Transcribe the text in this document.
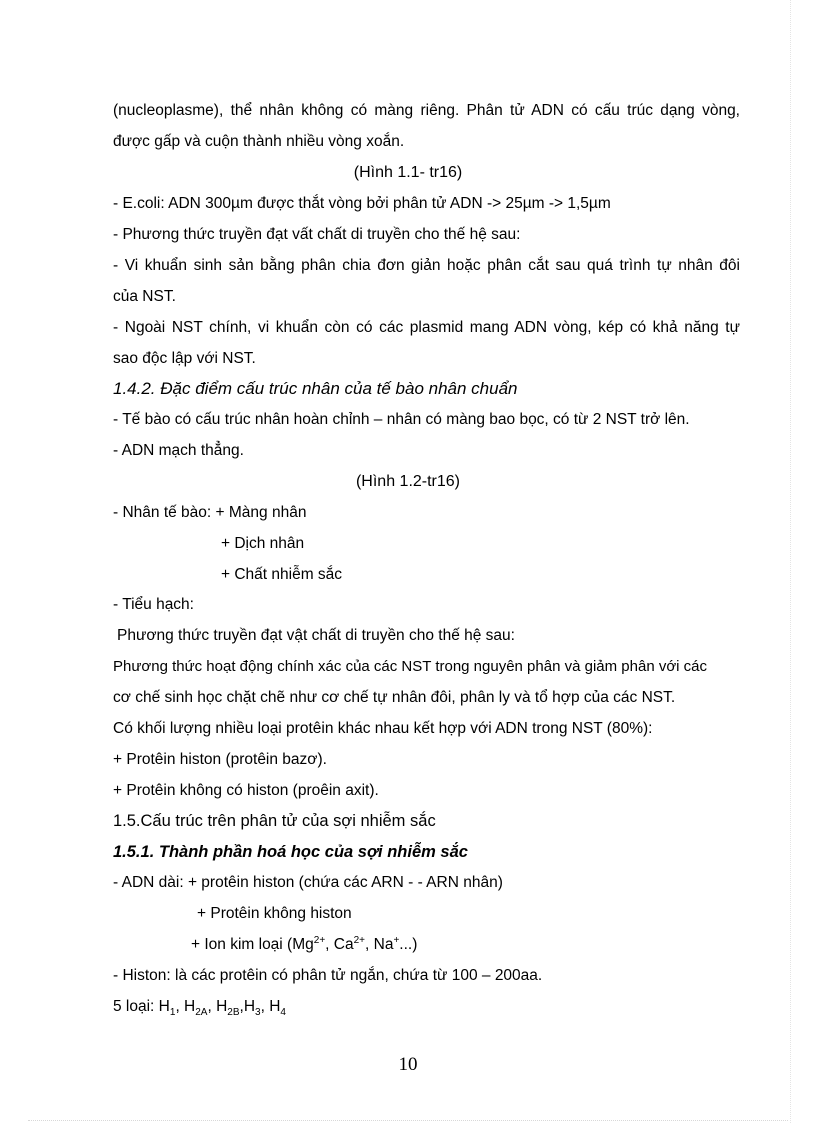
(nucleoplasme), thể nhân không có màng riêng. Phân tử ADN có cấu trúc dạng vòng,
được gấp và cuộn thành nhiều vòng xoắn.
(Hình 1.1- tr16)
- E.coli: ADN 300µm được thắt vòng bởi phân tử ADN -> 25µm -> 1,5µm
- Phương thức truyền đạt vất chất di truyền cho thế hệ sau:
- Vi khuẩn sinh sản bằng phân chia đơn giản hoặc phân cắt sau quá trình tự nhân đôi
của NST.
- Ngoài NST chính, vi khuẩn còn có các plasmid mang ADN vòng, kép có khả năng tự
sao độc lập với NST.
1.4.2. Đặc điểm cấu trúc nhân của tế bào nhân chuẩn
- Tế bào có cấu trúc nhân hoàn chỉnh – nhân có màng bao bọc, có từ 2 NST trở lên.
- ADN mạch thẳng.
(Hình 1.2-tr16)
- Nhân tế bào: + Màng nhân
+ Dịch nhân
+ Chất nhiễm sắc
- Tiểu hạch:
Phương thức truyền đạt vật chất di truyền cho thế hệ sau:
Phương thức hoạt động chính xác của các NST trong nguyên phân và giảm phân với các
cơ chế sinh học chặt chẽ như cơ chế tự nhân đôi, phân ly và tổ hợp của các NST.
Có khối lượng nhiều loại protêin khác nhau kết hợp với ADN trong NST (80%):
+ Protêin histon (protêin bazơ).
+ Protêin không có histon (proêin axit).
1.5.Cấu trúc trên phân tử của sợi nhiễm sắc
1.5.1. Thành phần hoá học của sợi nhiễm sắc
- ADN dài: + protêin histon (chứa các ARN - - ARN nhân)
+ Protêin không histon
+ Ion kim loại ($Mg^{2+}$, $Ca^{2+}$, Na+...)
- Histon: là các protêin có phân tử ngắn, chứa từ 100 – 200aa.
5 loại: $H_1$, $H_{2A}$, $H_{2B},H_3$, $H_4$
10
